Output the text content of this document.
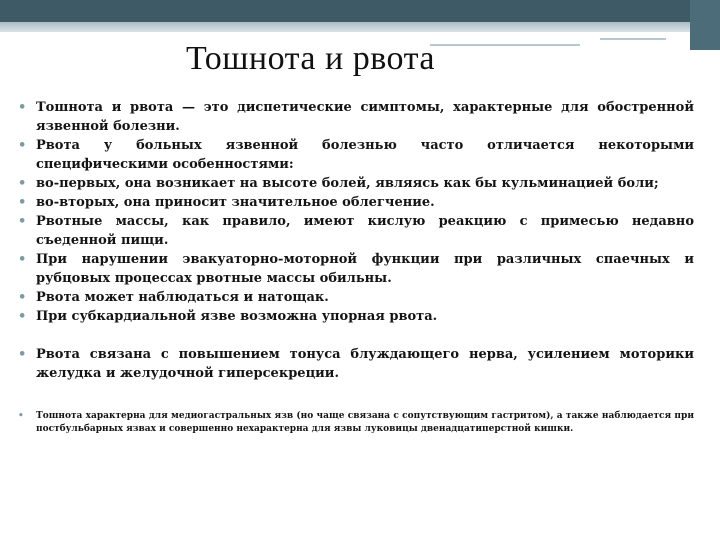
Тошнота и рвота
• Тошнота и рвота — это диспетические симптомы, характерные для обостренной язвенной болезни.
• Рвота у больных язвенной болезнью часто отличается некоторыми специфическими особенностями:
• во-первых, она возникает на высоте болей, являясь как бы кульминацией боли;
• во-вторых, она приносит значительное облегчение.
• Рвотные массы, как правило, имеют кислую реакцию с примесью недавно съеденной пищи.
• При нарушении эвакуаторно-моторной функции при различных спаечных и рубцовых процессах рвотные массы обильны.
• Рвота может наблюдаться и натощак.
• При субкардиальной язве возможна упорная рвота.
• Рвота связана с повышением тонуса блуждающего нерва, усилением моторики желудка и желудочной гиперсекреции.
• Тошнота характерна для медиогастральных язв (но чаще связана с сопутствующим гастритом), а также наблюдается при постбульбарных язвах и совершенно нехарактерна для язвы луковицы двенадцатиперстной кишки.
